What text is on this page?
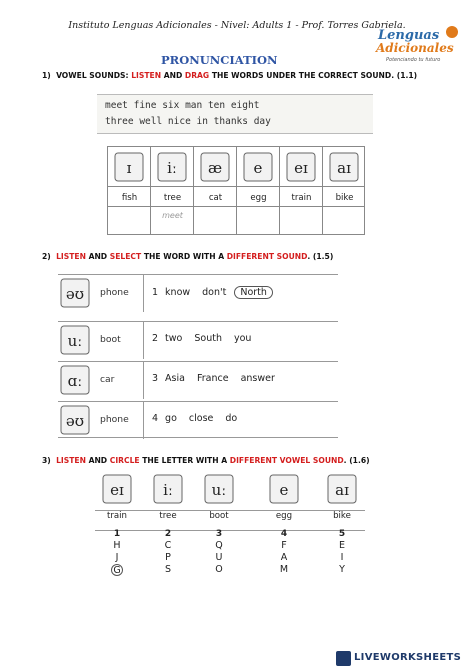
Instituto Lenguas Adicionales - Nivel: Adults 1 - Prof. Torres Gabriela.
Lenguas
Adicionales
Potenciando tu futuro
PRONUNCIATION
1) VOWEL SOUNDS: LISTEN AND DRAG THE WORDS UNDER THE CORRECT SOUND. (1.1)
meet fine six man ten eight
three well nice in thanks day
ɪ
fish
iː
tree
meet
æ
cat
e
egg
eɪ
train
aɪ
bike
2) LISTEN AND SELECT THE WORD WITH A DIFFERENT SOUND. (1.5)
əʊ phone 1 know don't North
uː boot	2 two South you
ɑː car	3 Asia France answer
əʊ phone 4 go close do
3) LISTEN AND CIRCLE THE LETTER WITH A DIFFERENT VOWEL SOUND. (1.6)
eɪ
train
1
H
J
G
iː
tree
2
C
P
S
uː
boot
3
Q
U
O
e
egg
4
F
A
M
aɪ
bike
5
E
I
Y
LIVEWORKSHEETS
